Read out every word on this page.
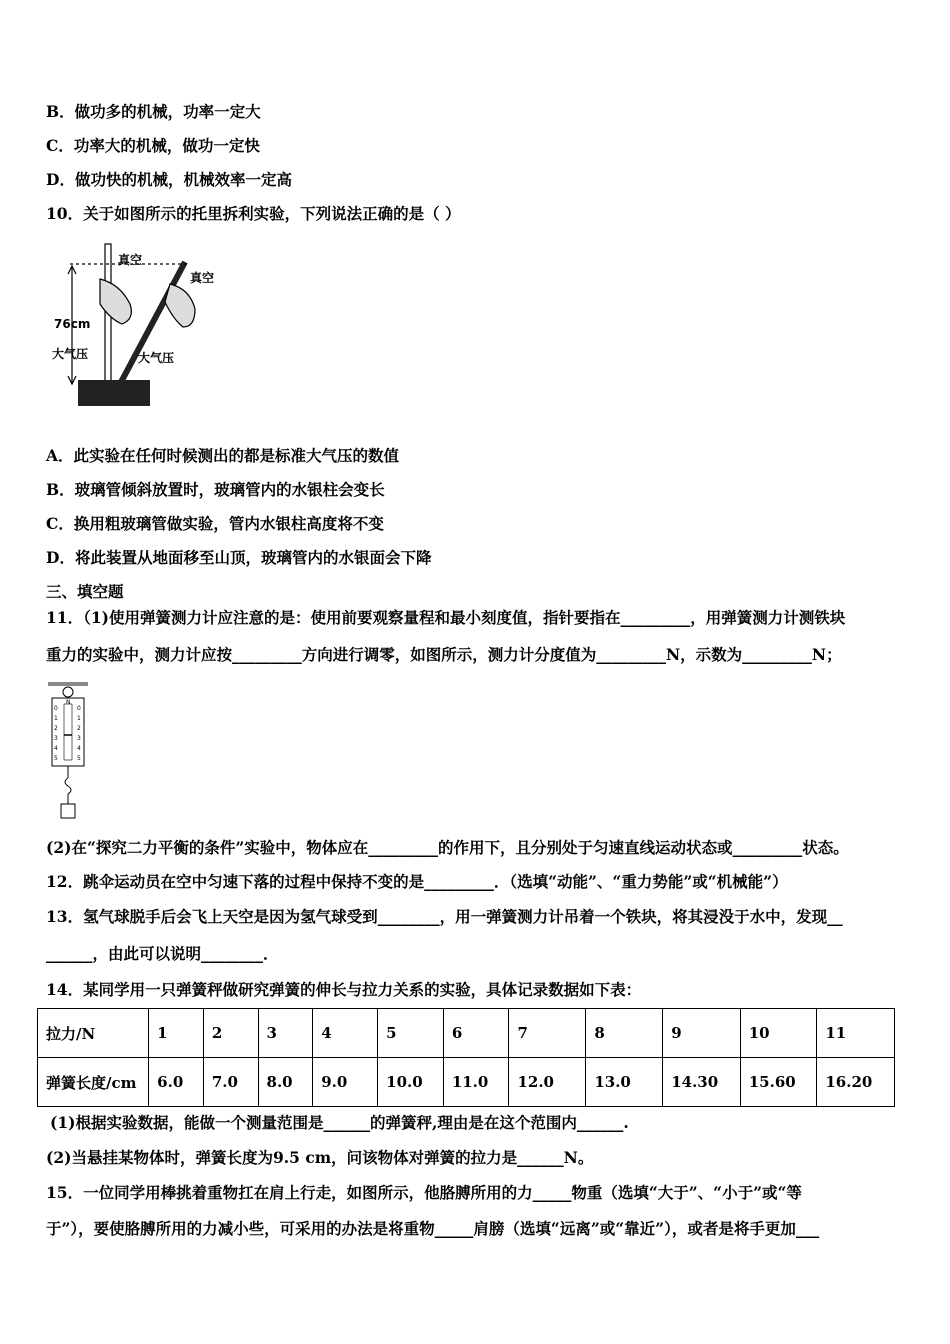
B．做功多的机械，功率一定大
C．功率大的机械，做功一定快
D．做功快的机械，机械效率一定高
10．关于如图所示的托里拆利实验，下列说法正确的是（ ）
真空
真空
76cm
大气压	大气压
A．此实验在任何时候测出的都是标准大气压的数值
B．玻璃管倾斜放置时，玻璃管内的水银柱会变长
C．换用粗玻璃管做实验，管内水银柱高度将不变
D．将此装置从地面移至山顶，玻璃管内的水银面会下降
三、填空题
11．（1)使用弹簧测力计应注意的是：使用前要观察量程和最小刻度值，指针要指在_________，用弹簧测力计测铁块
重力的实验中，测力计应按_________方向进行调零，如图所示，测力计分度值为_________N，示数为_________N；
N
0
1
2
3
4
5
0
1
2
3
4
5
(2)在“探究二力平衡的条件”实验中，物体应在_________的作用下，且分别处于匀速直线运动状态或_________状态。
12．跳伞运动员在空中匀速下落的过程中保持不变的是_________．（选填“动能”、“重力势能”或“机械能”）
13．氢气球脱手后会飞上天空是因为氢气球受到________，用一弹簧测力计吊着一个铁块，将其浸没于水中，发现__
______，由此可以说明________．
14．某同学用一只弹簧秤做研究弹簧的伸长与拉力关系的实验，具体记录数据如下表：
拉力/N	1	2	3	4	5	6	7	8	9	10	11
弹簧长度/cm	6.0	7.0	8.0	9.0	10.0	11.0	12.0	13.0	14.30	15.60	16.20
(1)根据实验数据，能做一个测量范围是______的弹簧秤,理由是在这个范围内______.
(2)当悬挂某物体时，弹簧长度为9.5 cm，问该物体对弹簧的拉力是______N。
15．一位同学用棒挑着重物扛在肩上行走，如图所示，他胳膊所用的力_____物重（选填“大于”、“小于”或“等
于”），要使胳膊所用的力减小些，可采用的办法是将重物_____肩膀（选填“远离”或“靠近”），或者是将手更加___
